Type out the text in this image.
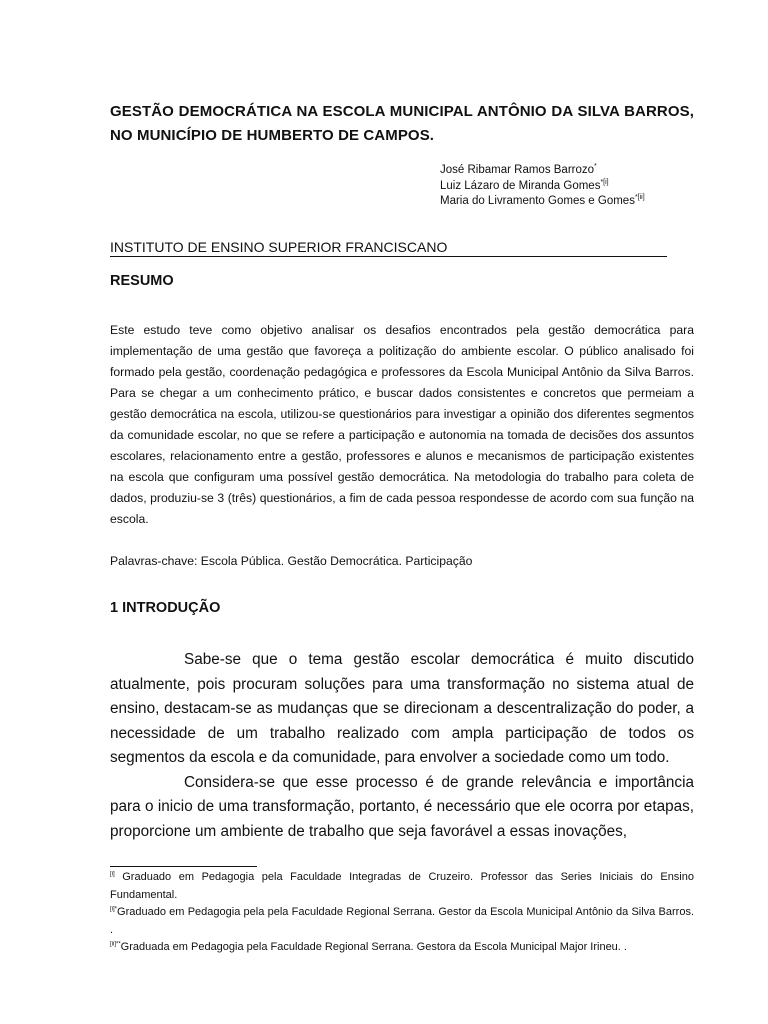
GESTÃO DEMOCRÁTICA NA ESCOLA MUNICIPAL ANTÔNIO DA SILVA BARROS, NO MUNICÍPIO DE HUMBERTO DE CAMPOS.
José Ribamar Ramos Barrozo*
Luiz Lázaro de Miranda Gomes$^{*[i]}$
Maria do Livramento Gomes e Gomes$^{*[ii]}$
INSTITUTO DE ENSINO SUPERIOR FRANCISCANO
RESUMO
Este estudo teve como objetivo analisar os desafios encontrados pela gestão democrática para implementação de uma gestão que favoreça a politização do ambiente escolar. O público analisado foi formado pela gestão, coordenação pedagógica e professores da Escola Municipal Antônio da Silva Barros. Para se chegar a um conhecimento prático, e buscar dados consistentes e concretos que permeiam a gestão democrática na escola, utilizou-se questionários para investigar a opinião dos diferentes segmentos da comunidade escolar, no que se refere a participação e autonomia na tomada de decisões dos assuntos escolares, relacionamento entre a gestão, professores e alunos e mecanismos de participação existentes na escola que configuram uma possível gestão democrática. Na metodologia do trabalho para coleta de dados, produziu-se 3 (três) questionários, a fim de cada pessoa respondesse de acordo com sua função na escola.
Palavras-chave: Escola Pública. Gestão Democrática. Participação
1 INTRODUÇÃO

Sabe-se que o tema gestão escolar democrática é muito discutido atualmente, pois procuram soluções para uma transformação no sistema atual de ensino, destacam-se as mudanças que se direcionam a descentralização do poder, a necessidade de um trabalho realizado com ampla participação de todos os segmentos da escola e da comunidade, para envolver a sociedade como um todo.

Considera-se que esse processo é de grande relevância e importância para o inicio de uma transformação, portanto, é necessário que ele ocorra por etapas, proporcione um ambiente de trabalho que seja favorável a essas inovações,

[i] Graduado em Pedagogia pela Faculdade Integradas de Cruzeiro. Professor das Series Iniciais do Ensino Fundamental.

$^{[i]*}$Graduado em Pedagogia pela pela Faculdade Regional Serrana. Gestor da Escola Municipal Antônio da Silva Barros. .

$^{[ii]**}$Graduada em Pedagogia pela Faculdade Regional Serrana. Gestora da Escola Municipal Major Irineu. .
